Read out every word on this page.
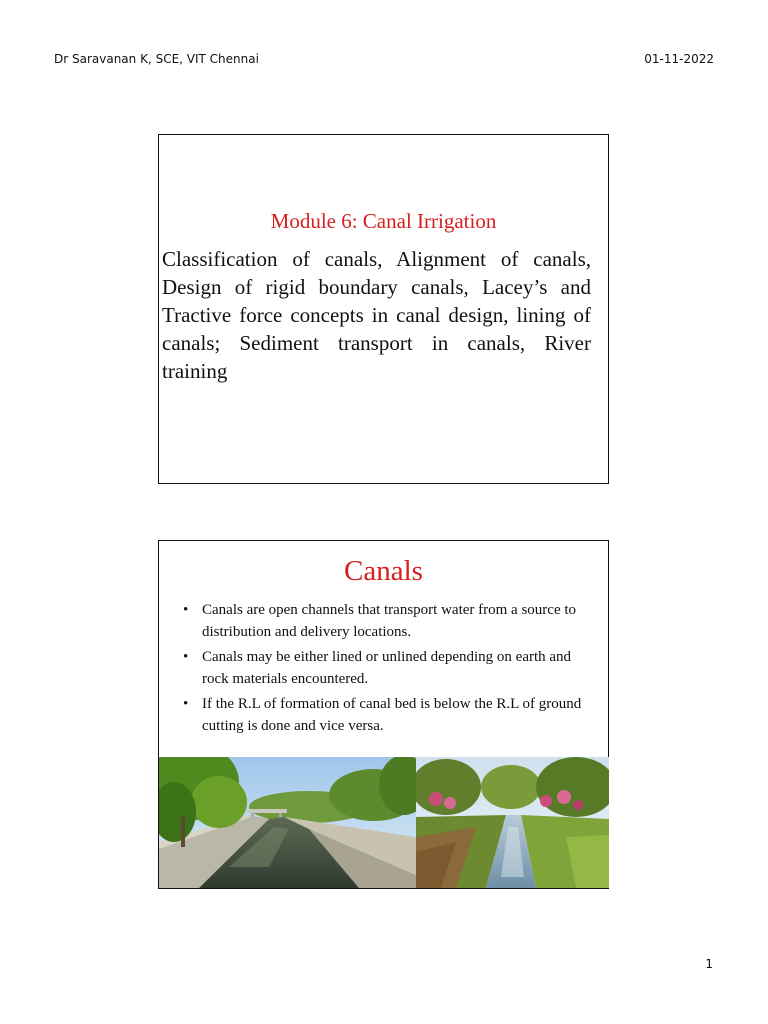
Dr Saravanan K, SCE, VIT Chennai	01-11-2022
Module 6: Canal Irrigation
Classification of canals, Alignment of canals, Design of rigid boundary canals, Lacey’s and Tractive force concepts in canal design, lining of canals; Sediment transport in canals, River training
Canals
• Canals are open channels that transport water from a source to distribution and delivery locations.
• Canals may be either lined or unlined depending on earth and rock materials encountered.
• If the R.L of formation of canal bed is below the R.L of ground cutting is done and vice versa.
1
